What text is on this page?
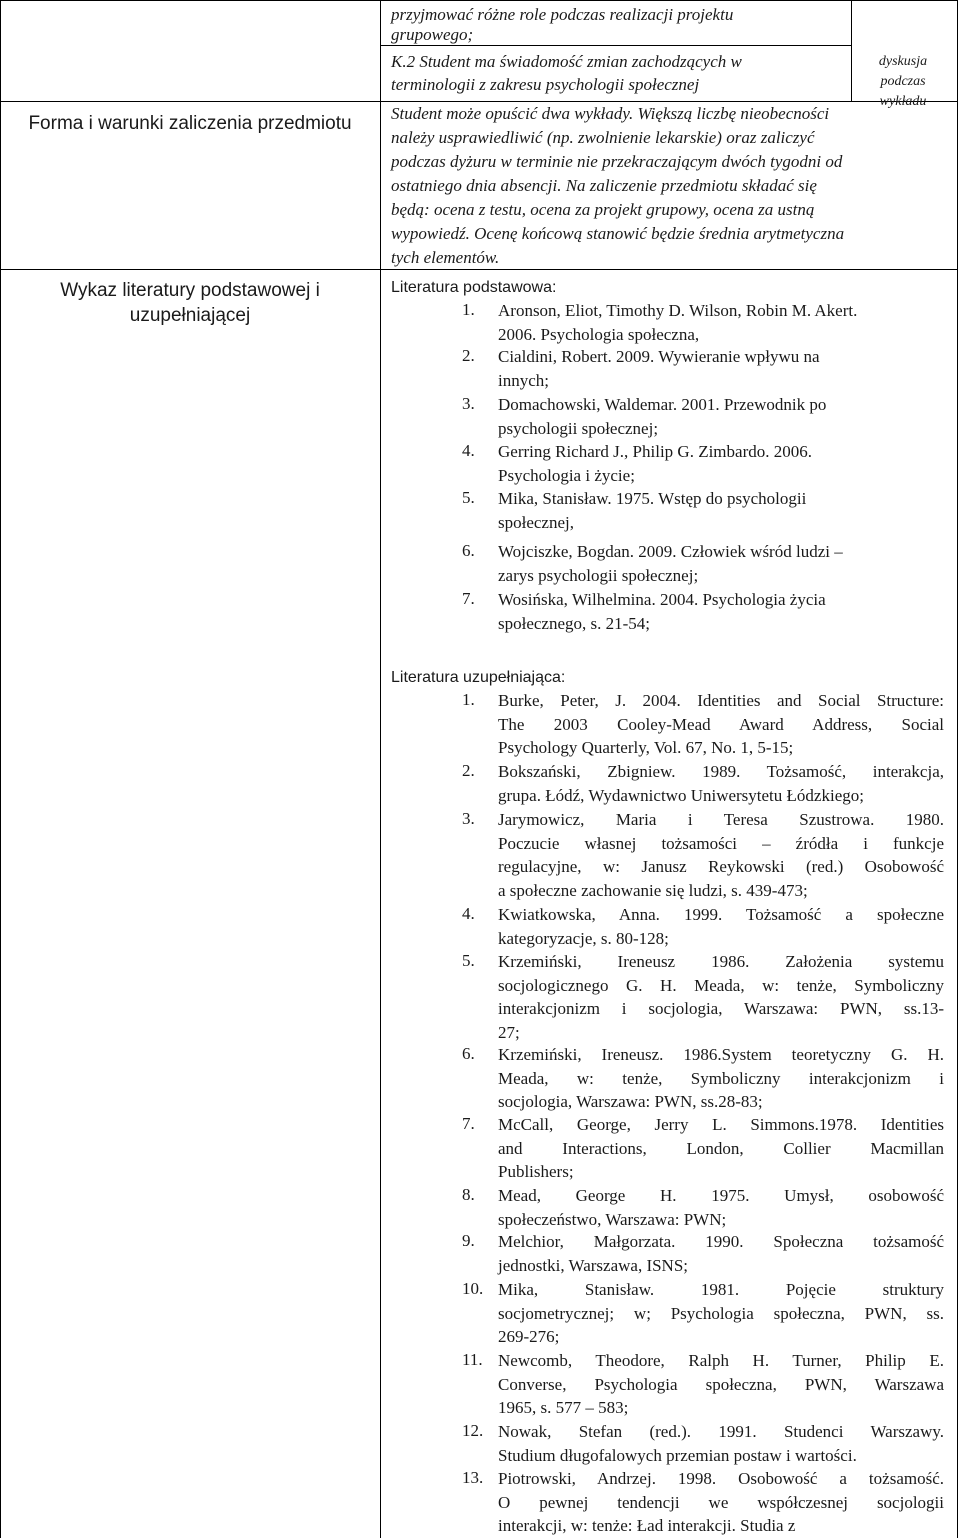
Forma i warunki zaliczenia przedmiotu
Wykaz literatury podstawowej i uzupełniającej
przyjmować różne role podczas realizacji projektu
grupowego;
K.2 Student ma świadomość zmian zachodzących w
terminologii z zakresu psychologii społecznej
dyskusja
podczas
wykładu
Student może opuścić dwa wykłady. Większą liczbę nieobecności
należy usprawiedliwić (np. zwolnienie lekarskie) oraz zaliczyć
podczas dyżuru w terminie nie przekraczającym dwóch tygodni od
ostatniego dnia absencji. Na zaliczenie przedmiotu składać się
będą: ocena z testu, ocena za projekt grupowy, ocena za ustną
wypowiedź. Ocenę końcową stanowić będzie średnia arytmetyczna
tych elementów.
Literatura podstawowa:
1. Aronson, Eliot, Timothy D. Wilson, Robin M. Akert.
2006. Psychologia społeczna,
2. Cialdini, Robert. 2009. Wywieranie wpływu na
innych;
3. Domachowski, Waldemar. 2001. Przewodnik po
psychologii społecznej;
4. Gerring Richard J., Philip G. Zimbardo. 2006.
Psychologia i życie;
5. Mika, Stanisław. 1975. Wstęp do psychologii
społecznej,
6. Wojciszke, Bogdan. 2009. Człowiek wśród ludzi –
zarys psychologii społecznej;
7. Wosińska, Wilhelmina. 2004. Psychologia życia
społecznego, s. 21-54;
Literatura uzupełniająca:
1. Burke, Peter, J. 2004. Identities and Social Structure:
The 2003 Cooley-Mead Award Address, Social
Psychology Quarterly, Vol. 67, No. 1, 5-15;
2. Bokszański, Zbigniew. 1989. Tożsamość, interakcja,
grupa. Łódź, Wydawnictwo Uniwersytetu Łódzkiego;
3. Jarymowicz, Maria i Teresa Szustrowa. 1980.
Poczucie własnej tożsamości – źródła i funkcje
regulacyjne, w: Janusz Reykowski (red.) Osobowość
a społeczne zachowanie się ludzi, s. 439-473;
4. Kwiatkowska, Anna. 1999. Tożsamość a społeczne
kategoryzacje, s. 80-128;
5. Krzemiński, Ireneusz 1986. Założenia systemu
socjologicznego G. H. Meada, w: tenże, Symboliczny
interakcjonizm i socjologia, Warszawa: PWN, ss.13-
27;
6. Krzemiński, Ireneusz. 1986.System teoretyczny G. H.
Meada, w: tenże, Symboliczny interakcjonizm i
socjologia, Warszawa: PWN, ss.28-83;
7. McCall, George, Jerry L. Simmons.1978. Identities
and Interactions, London, Collier Macmillan
Publishers;
8. Mead, George H. 1975. Umysł, osobowość
społeczeństwo, Warszawa: PWN;
9. Melchior, Małgorzata. 1990. Społeczna tożsamość
jednostki, Warszawa, ISNS;
10. Mika, Stanisław. 1981. Pojęcie struktury
socjometrycznej; w; Psychologia społeczna, PWN, ss.
269-276;
11. Newcomb, Theodore, Ralph H. Turner, Philip E.
Converse, Psychologia społeczna, PWN, Warszawa
1965, s. 577 – 583;
12. Nowak, Stefan (red.). 1991. Studenci Warszawy.
Studium długofalowych przemian postaw i wartości.
13. Piotrowski, Andrzej. 1998. Osobowość a tożsamość.
O pewnej tendencji we współczesnej socjologii
interakcji, w: tenże: Ład interakcji. Studia z
